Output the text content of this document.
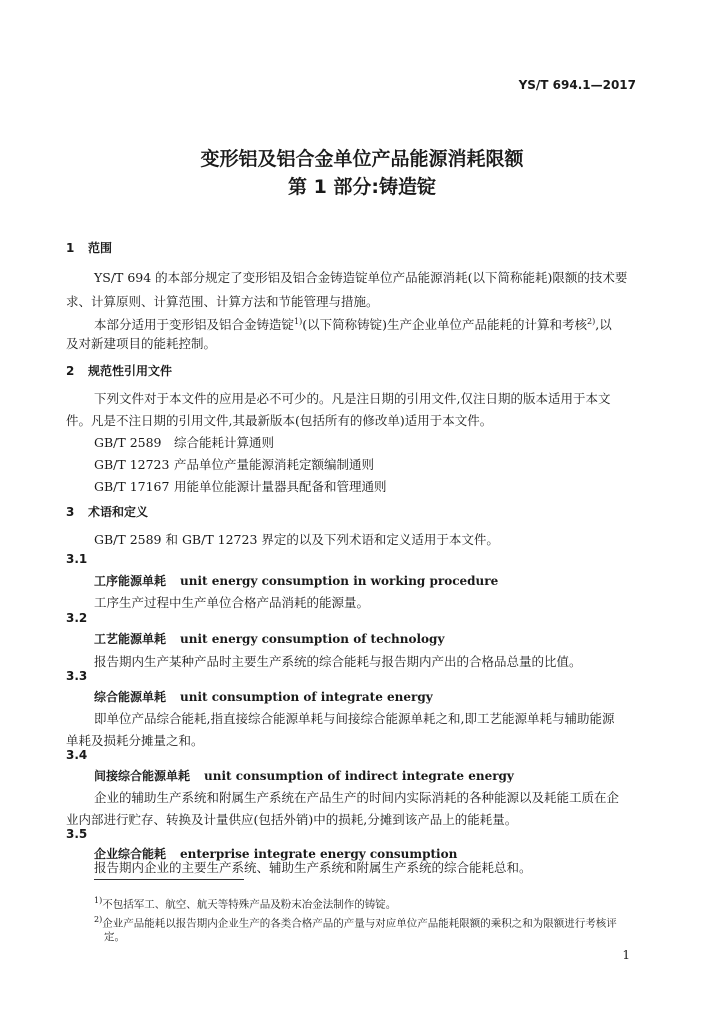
YS/T 694.1—2017
变形铝及铝合金单位产品能源消耗限额
第 1 部分:铸造锭
1 范围
YS/T 694 的本部分规定了变形铝及铝合金铸造锭单位产品能源消耗(以下简称能耗)限额的技术要
求、计算原则、计算范围、计算方法和节能管理与措施。
本部分适用于变形铝及铝合金铸造锭$^{1)}$(以下简称铸锭)生产企业单位产品能耗的计算和考核$^{2)}$,以
及对新建项目的能耗控制。
2 规范性引用文件
下列文件对于本文件的应用是必不可少的。凡是注日期的引用文件,仅注日期的版本适用于本文
件。凡是不注日期的引用文件,其最新版本(包括所有的修改单)适用于本文件。
GB/T 2589 综合能耗计算通则
GB/T 12723 产品单位产量能源消耗定额编制通则
GB/T 17167 用能单位能源计量器具配备和管理通则
3 术语和定义
GB/T 2589 和 GB/T 12723 界定的以及下列术语和定义适用于本文件。
3.1
工序能源单耗 unit energy consumption in working procedure
工序生产过程中生产单位合格产品消耗的能源量。
3.2
工艺能源单耗 unit energy consumption of technology
报告期内生产某种产品时主要生产系统的综合能耗与报告期内产出的合格品总量的比值。
3.3
综合能源单耗 unit consumption of integrate energy
即单位产品综合能耗,指直接综合能源单耗与间接综合能源单耗之和,即工艺能源单耗与辅助能源
单耗及损耗分摊量之和。
3.4
间接综合能源单耗 unit consumption of indirect integrate energy
企业的辅助生产系统和附属生产系统在产品生产的时间内实际消耗的各种能源以及耗能工质在企
业内部进行贮存、转换及计量供应(包括外销)中的损耗,分摊到该产品上的能耗量。
3.5
企业综合能耗 enterprise integrate energy consumption
报告期内企业的主要生产系统、辅助生产系统和附属生产系统的综合能耗总和。
$^{1)}$不包括军工、航空、航天等特殊产品及粉末冶金法制作的铸锭。
$^{2)}$企业产品能耗以报告期内企业生产的各类合格产品的产量与对应单位产品能耗限额的乘积之和为限额进行考核评
定。
1
